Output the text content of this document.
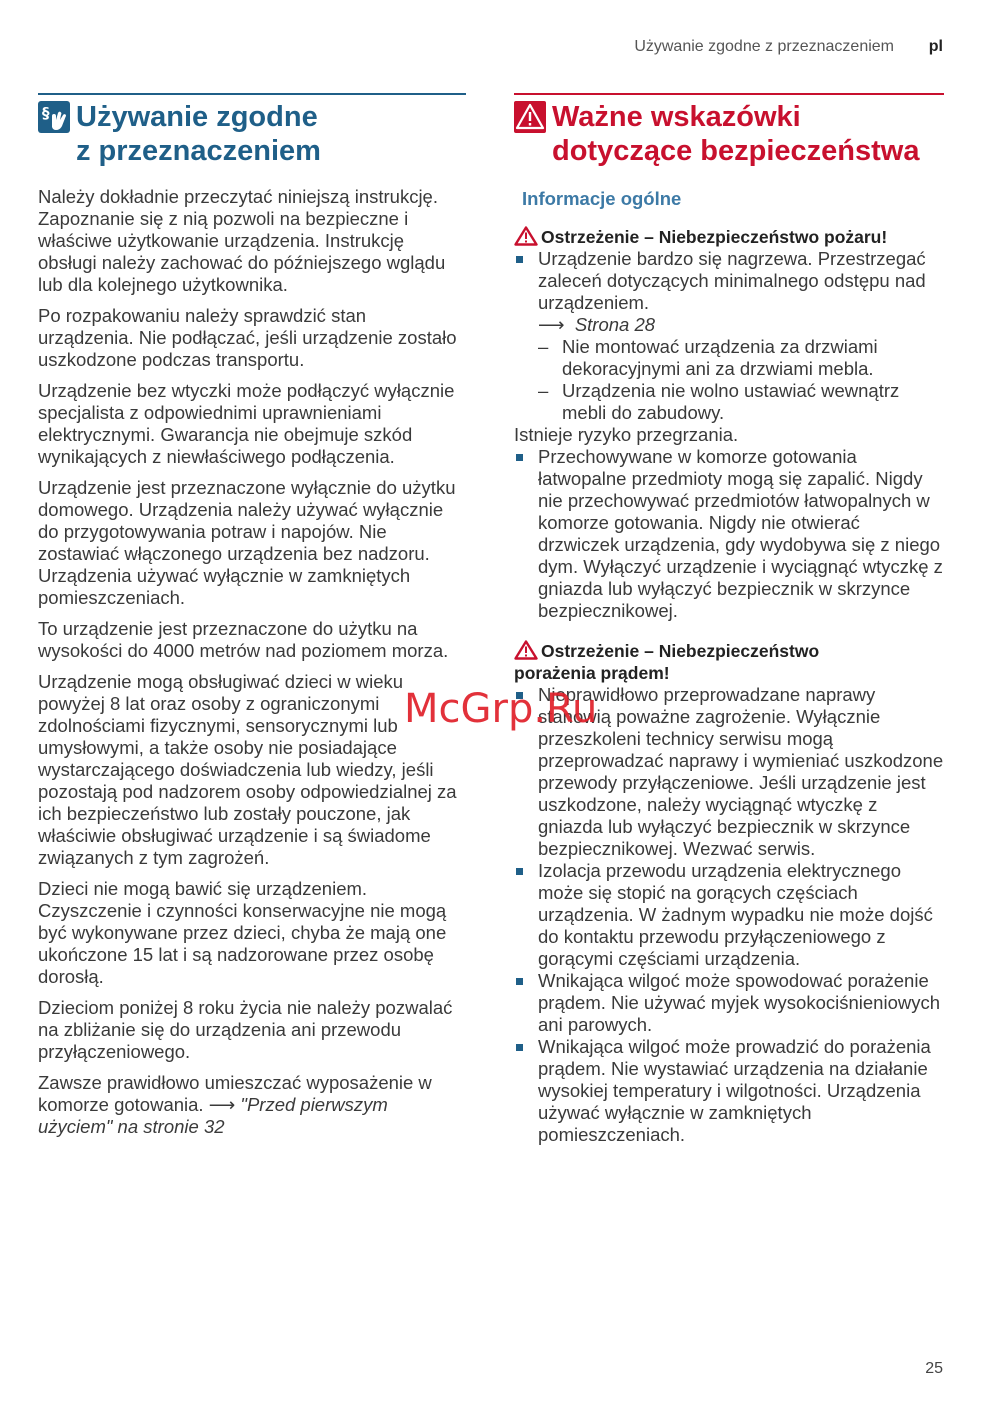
Używanie zgodne z przeznaczeniem pl
§ Używanie zgodne
z przeznaczeniem

Należy dokładnie przeczytać niniejszą instrukcję. Zapoznanie się z nią pozwoli na bezpieczne i właściwe użytkowanie urządzenia. Instrukcję obsługi należy zachować do późniejszego wglądu lub dla kolejnego użytkownika.

Po rozpakowaniu należy sprawdzić stan urządzenia. Nie podłączać, jeśli urządzenie zostało uszkodzone podczas transportu.

Urządzenie bez wtyczki może podłączyć wyłącznie specjalista z odpowiednimi uprawnieniami elektrycznymi. Gwarancja nie obejmuje szkód wynikających z niewłaściwego podłączenia.

Urządzenie jest przeznaczone wyłącznie do użytku domowego. Urządzenia należy używać wyłącznie do przygotowywania potraw i napojów. Nie zostawiać włączonego urządzenia bez nadzoru. Urządzenia używać wyłącznie w zamkniętych pomieszczeniach.

To urządzenie jest przeznaczone do użytku na wysokości do 4000 metrów nad poziomem morza.

Urządzenie mogą obsługiwać dzieci w wieku powyżej 8 lat oraz osoby z ograniczonymi zdolnościami fizycznymi, sensorycznymi lub umysłowymi, a także osoby nie posiadające wystarczającego doświadczenia lub wiedzy, jeśli pozostają pod nadzorem osoby odpowiedzialnej za ich bezpieczeństwo lub zostały pouczone, jak właściwie obsługiwać urządzenie i są świadome związanych z tym zagrożeń.

Dzieci nie mogą bawić się urządzeniem. Czyszczenie i czynności konserwacyjne nie mogą być wykonywane przez dzieci, chyba że mają one ukończone 15 lat i są nadzorowane przez osobę dorosłą.

Dzieciom poniżej 8 roku życia nie należy pozwalać na zbliżanie się do urządzenia ani przewodu przyłączeniowego.

Zawsze prawidłowo umieszczać wyposażenie w komorze gotowania. ⟶ "Przed pierwszym użyciem" na stronie 32

Ważne wskazówki
dotyczące bezpieczeństwa
Informacje ogólne

Ostrzeżenie – Niebezpieczeństwo pożaru!

Urządzenie bardzo się nagrzewa. Przestrzegać zaleceń dotyczących minimalnego odstępu nad urządzeniem.
⟶ Strona 28
– Nie montować urządzenia za drzwiami dekoracyjnymi ani za drzwiami mebla.
– Urządzenia nie wolno ustawiać wewnątrz mebli do zabudowy.

Istnieje ryzyko przegrzania.

Przechowywane w komorze gotowania łatwopalne przedmioty mogą się zapalić. Nigdy nie przechowywać przedmiotów łatwopalnych w komorze gotowania. Nigdy nie otwierać drzwiczek urządzenia, gdy wydobywa się z niego dym. Wyłączyć urządzenie i wyciągnąć wtyczkę z gniazda lub wyłączyć bezpiecznik w skrzynce bezpiecznikowej.

Ostrzeżenie – Niebezpieczeństwo
porażenia prądem!

Nieprawidłowo przeprowadzane naprawy stanowią poważne zagrożenie. Wyłącznie przeszkoleni technicy serwisu mogą przeprowadzać naprawy i wymieniać uszkodzone przewody przyłączeniowe. Jeśli urządzenie jest uszkodzone, należy wyciągnąć wtyczkę z gniazda lub wyłączyć bezpiecznik w skrzynce bezpiecznikowej. Wezwać serwis.
Izolacja przewodu urządzenia elektrycznego może się stopić na gorących częściach urządzenia. W żadnym wypadku nie może dojść do kontaktu przewodu przyłączeniowego z gorącymi częściami urządzenia.
Wnikająca wilgoć może spowodować porażenie prądem. Nie używać myjek wysokociśnieniowych ani parowych.
Wnikająca wilgoć może prowadzić do porażenia prądem. Nie wystawiać urządzenia na działanie wysokiej temperatury i wilgotności. Urządzenia używać wyłącznie w zamkniętych pomieszczeniach.
McGrp.Ru
25
